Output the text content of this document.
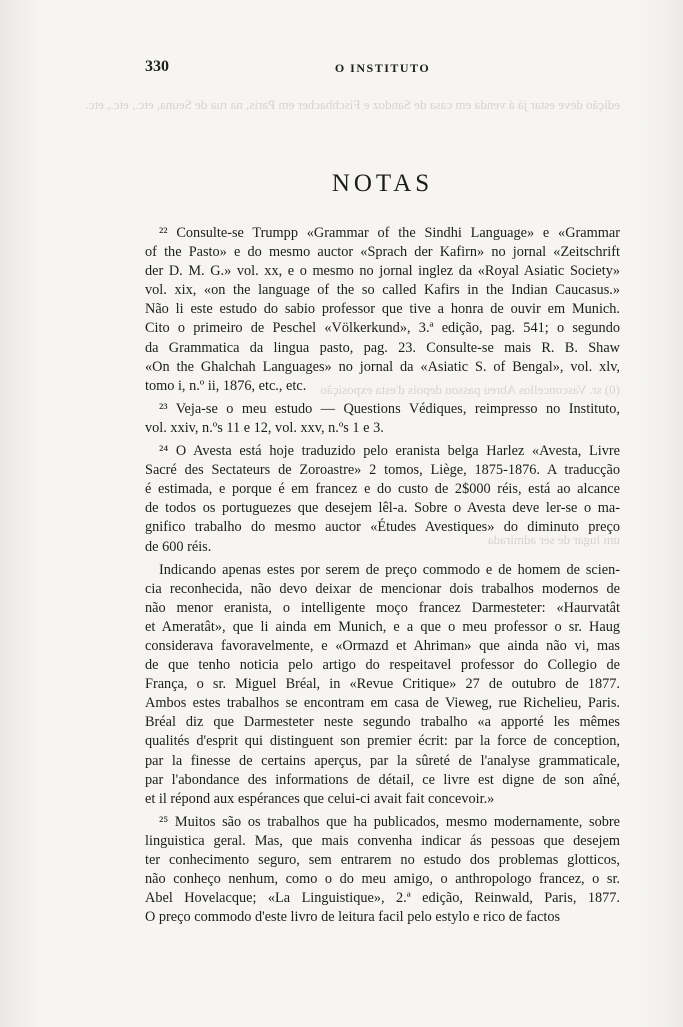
edição deve estar já á venda em casa de Sandoz e Fischbacher em Paris, na rua de Seuna, etc., etc., etc.
(0) sr. Vasconcellos Abreu passou depois d'esta exposição
um lugar de ser admirada
330	O INSTITUTO
NOTAS
²² Consulte-se Trumpp «Grammar of the Sindhi Language» e «Grammar
of the Pasto» e do mesmo auctor «Sprach der Kafirn» no jornal «Zeitschrift
der D. M. G.» vol. xx, e o mesmo no jornal inglez da «Royal Asiatic Society»
vol. xix, «on the language of the so called Kafirs in the Indian Caucasus.»
Não li este estudo do sabio professor que tive a honra de ouvir em Munich.
Cito o primeiro de Peschel «Völkerkund», 3.ª edição, pag. 541; o segundo
da Grammatica da lingua pasto, pag. 23. Consulte-se mais R. B. Shaw
«On the Ghalchah Languages» no jornal da «Asiatic S. of Bengal», vol. xlv,
tomo i, n.º ii, 1876, etc., etc.
²³ Veja-se o meu estudo — Questions Védiques, reimpresso no Instituto,
vol. xxiv, n.ºs 11 e 12, vol. xxv, n.ºs 1 e 3.
²⁴ O Avesta está hoje traduzido pelo eranista belga Harlez «Avesta, Livre
Sacré des Sectateurs de Zoroastre» 2 tomos, Liège, 1875-1876. A traducção
é estimada, e porque é em francez e do custo de 2$000 réis, está ao alcance
de todos os portuguezes que desejem lêl-a. Sobre o Avesta deve ler-se o ma-
gnifico trabalho do mesmo auctor «Études Avestiques» do diminuto preço
de 600 réis.
Indicando apenas estes por serem de preço commodo e de homem de scien-
cia reconhecida, não devo deixar de mencionar dois trabalhos modernos de
não menor eranista, o intelligente moço francez Darmesteter: «Haurvatât
et Ameratât», que li ainda em Munich, e a que o meu professor o sr. Haug
considerava favoravelmente, e «Ormazd et Ahriman» que ainda não vi, mas
de que tenho noticia pelo artigo do respeitavel professor do Collegio de
França, o sr. Miguel Bréal, in «Revue Critique» 27 de outubro de 1877.
Ambos estes trabalhos se encontram em casa de Vieweg, rue Richelieu, Paris.
Bréal diz que Darmesteter neste segundo trabalho «a apporté les mêmes
qualités d'esprit qui distinguent son premier écrit: par la force de conception,
par la finesse de certains aperçus, par la sûreté de l'analyse grammaticale,
par l'abondance des informations de détail, ce livre est digne de son aîné,
et il répond aux espérances que celui-ci avait fait concevoir.»
²⁵ Muitos são os trabalhos que ha publicados, mesmo modernamente, sobre
linguistica geral. Mas, que mais convenha indicar ás pessoas que desejem
ter conhecimento seguro, sem entrarem no estudo dos problemas glotticos,
não conheço nenhum, como o do meu amigo, o anthropologo francez, o sr.
Abel Hovelacque; «La Linguistique», 2.ª edição, Reinwald, Paris, 1877.
O preço commodo d'este livro de leitura facil pelo estylo e rico de factos
